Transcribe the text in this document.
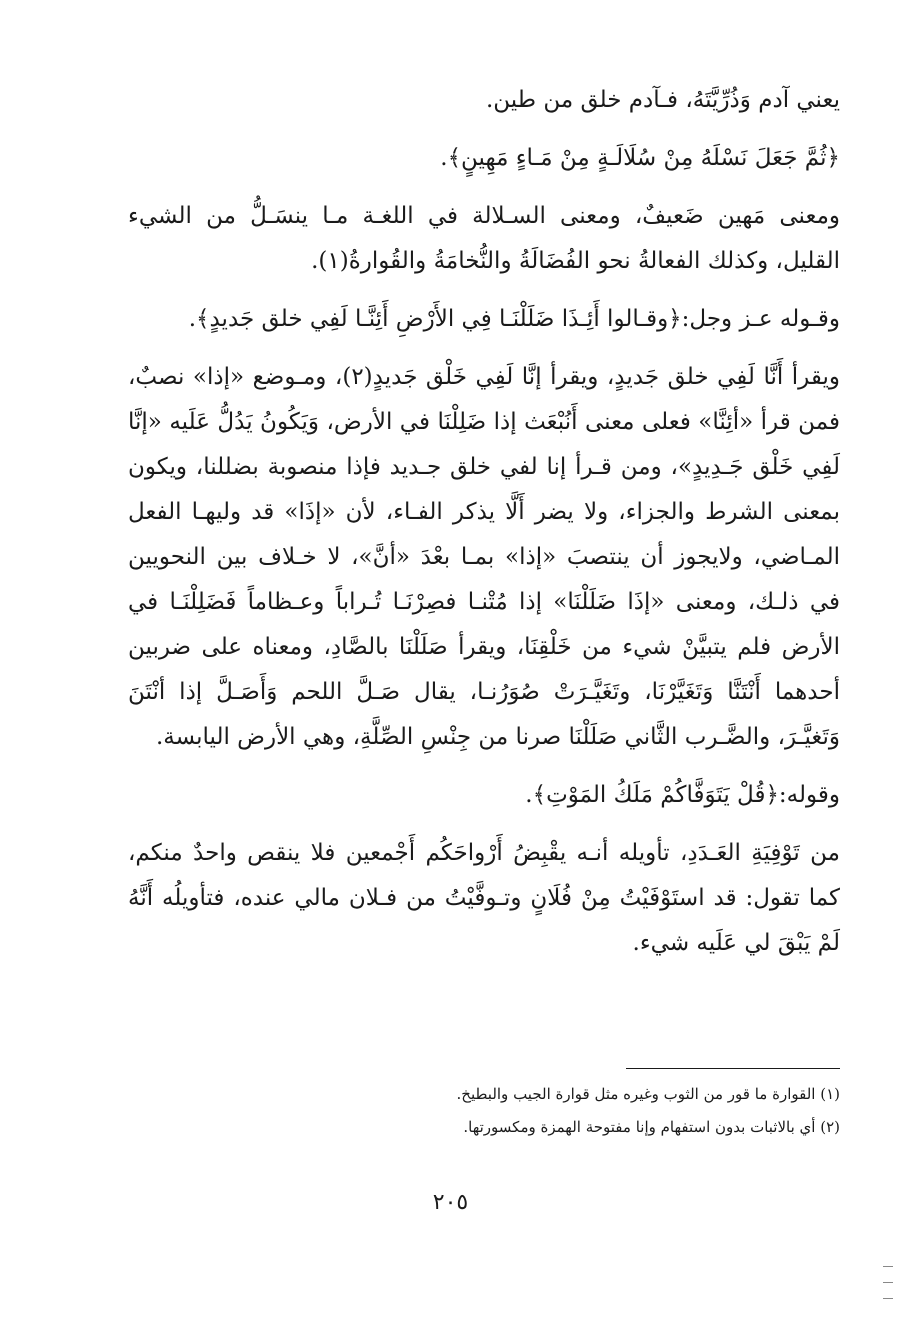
يعني آدم وَذُرِّيَّتَهُ، فـآدم خلق من طين.

﴿ثُمَّ جَعَلَ نَسْلَهُ مِنْ سُلَالَـةٍ مِنْ مَـاءٍ مَهِينٍ﴾.

ومعنى مَهين ضَعيفٌ، ومعنى السـلالة في اللغـة مـا ينسَـلُّ من الشيء القليل، وكذلك الفعالةُ نحو الفُضَالَةُ والنُّخامَةُ والقُوارةُ(١).

وقـوله عـز وجل:﴿وقـالوا أَئِـذَا ضَلَلْنَـا فِي الأَرْضِ أَئِنَّـا لَفِي خلق جَديدٍ﴾.

ويقرأ أَنَّا لَفِي خلق جَديدٍ، ويقرأ إنَّا لَفِي خَلْق جَديدٍ(٢)، ومـوضع «إذا» نصبٌ، فمن قرأ «أئِنَّا» فعلى معنى أَنُبْعَث إذا ضَلِلْنَا في الأرض، وَيَكُونُ يَدُلُّ عَلَيه «إنَّا لَفِي خَلْق جَـدِيدٍ»، ومن قـرأ إنا لفي خلق جـديد فإذا منصوبة بضللنا، ويكون بمعنى الشرط والجزاء، ولا يضر أَلَّا يذكر الفـاء، لأن «إذَا» قد وليهـا الفعل المـاضي، ولايجوز أن ينتصبَ «إذا» بمـا بعْدَ «أنَّ»، لا خـلاف بين النحويين في ذلـك، ومعنى «إذَا ضَلَلْنَا» إذا مُتْنـا فصِرْنَـا تُـراباً وعـظاماً فَضَلِلْنَـا في الأرض فلم يتبيَّنْ شيء من خَلْقِنَا، ويقرأ صَلَلْنَا بالصَّادِ، ومعناه على ضربين أحدهما أَنْتَنَّا وَتَغَيَّرْنَا، وتَغَيَّـرَتْ صُوَرُنـا، يقال صَـلَّ اللحم وَأَصَـلَّ إذا أنْتَنَ وَتَغيَّـرَ، والضَّـرب الثَّاني صَلَلْنَا صرنا من جِنْسِ الصِّلَّةِ، وهي الأرض اليابسة.

وقوله:﴿قُلْ يَتَوَفَّاكُمْ مَلَكُ المَوْتِ﴾.

من تَوْفِيَةِ العَـدَدِ، تأويله أنـه يقْبِضُ أَرْواحَكُم أَجْمعين فلا ينقص واحدٌ منكم، كما تقول: قد استَوْفَيْتُ مِنْ فُلَانٍ وتـوفَّيْتُ من فـلان مالي عنده، فتأويلُه أَنَّهُ لَمْ يَبْقَ لي عَلَيه شيء.

(١) القوارة ما قور من الثوب وغيره مثل قوارة الجيب والبطيخ.

(٢) أي بالاثبات بدون استفهام وإنا مفتوحة الهمزة ومكسورتها.

٢٠٥
